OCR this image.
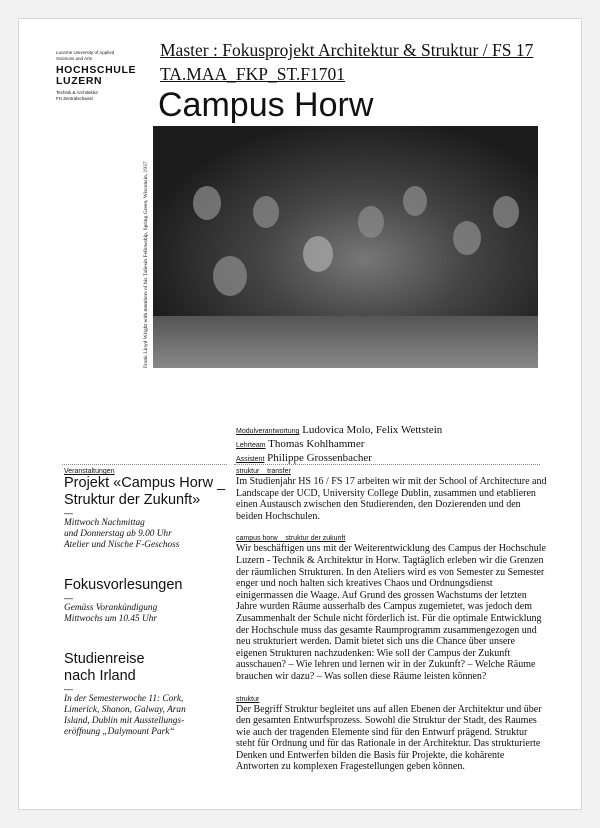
Lucerne University of Applied Sciences and Arts
HOCHSCHULE
LUZERN
Technik & Architektur
FH Zentralschweiz
Master : Fokusprojekt Architektur & Struktur / FS 17
TA.MAA_FKP_ST.F1701
Campus Horw
Frank Lloyd Wright with members of his Taliesin Fellowship, Spring Green, Wisconsin, 1937
Modulverantwortung Ludovica Molo, Felix Wettstein
Lehrteam Thomas Kohlhammer
Assistent Philippe Grossenbacher
Veranstaltungen
Projekt «Campus Horw _ Struktur der Zukunft»
—
Mittwoch Nachmittag
und Donnerstag ab 9.00 Uhr
Atelier und Nische F-Geschoss
Fokusvorlesungen
—
Gemäss Vorankündigung
Mittwochs um 10.45 Uhr
Studienreise nach Irland
—
In der Semesterwoche 11: Cork,
Limerick, Shanon, Galway, Aran
Island, Dublin mit Ausstellungs-
eröffnung „Dalymount Park“
struktur _ transfer

Im Studienjahr HS 16 / FS 17 arbeiten wir mit der School of Architecture and Landscape der UCD, University College Dublin, zusammen und etablieren einen Austausch zwischen den Studierenden, den Dozierenden und den beiden Hochschulen.

campus horw _ struktur der zukunft

Wir beschäftigen uns mit der Weiterentwicklung des Campus der Hochschule Luzern - Technik & Architektur in Horw. Tagtäglich erleben wir die Grenzen der räumlichen Strukturen. In den Ateliers wird es von Semester zu Semester enger und noch halten sich kreatives Chaos und Ordnungsdienst einigermassen die Waage. Auf Grund des grossen Wachstums der letzten Jahre wurden Räume ausserhalb des Campus zugemietet, was jedoch dem Zusammenhalt der Schule nicht förderlich ist. Für die optimale Entwicklung der Hochschule muss das gesamte Raumprogramm zusammengezogen und neu strukturiert werden. Damit bietet sich uns die Chance über unsere eigenen Strukturen nachzudenken: Wie soll der Campus der Zukunft ausschauen? – Wie lehren und lernen wir in der Zukunft? – Welche Räume brauchen wir dazu? – Was sollen diese Räume leisten können?

struktur

Der Begriff Struktur begleitet uns auf allen Ebenen der Architektur und über den gesamten Entwurfsprozess. Sowohl die Struktur der Stadt, des Raumes wie auch der tragenden Elemente sind für den Entwurf prägend. Struktur steht für Ordnung und für das Rationale in der Architektur. Das strukturierte Denken und Entwerfen bilden die Basis für Projekte, die kohärente Antworten zu komplexen Fragestellungen geben können.
